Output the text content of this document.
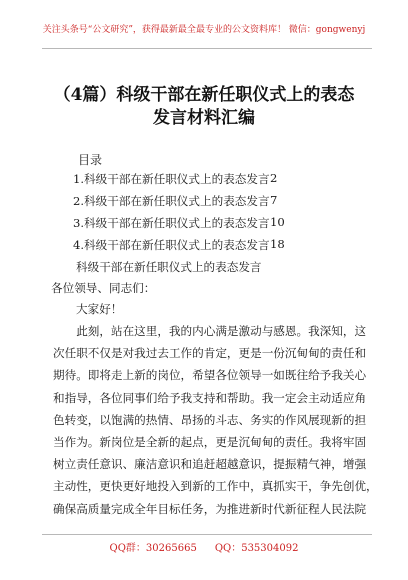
关注头条号“公文研究”，获得最新最全最专业的公文资料库！ 微信：gongwenyj
（4篇）科级干部在新任职仪式上的表态
发言材料汇编
目录
1.科级干部在新任职仪式上的表态发言 2
2.科级干部在新任职仪式上的表态发言 7
3.科级干部在新任职仪式上的表态发言 10
4.科级干部在新任职仪式上的表态发言 18
科级干部在新任职仪式上的表态发言
各位领导、同志们：
大家好！
　　此刻，站在这里，我的内心满是激动与感恩。我深知，这
次任职不仅是对我过去工作的肯定，更是一份沉甸甸的责任和
期待。即将走上新的岗位，希望各位领导一如既往给予我关心
和指导，各位同事们给予我支持和帮助。我一定会主动适应角
色转变，以饱满的热情、昂扬的斗志、务实的作风展现新的担
当作为。新岗位是全新的起点，更是沉甸甸的责任。我将牢固
树立责任意识、廉洁意识和追赶超越意识，提振精气神，增强
主动性，更快更好地投入到新的工作中，真抓实干，争先创优，
确保高质量完成全年目标任务，为推进新时代新征程人民法院
QQ群：30265665 QQ：535304092
